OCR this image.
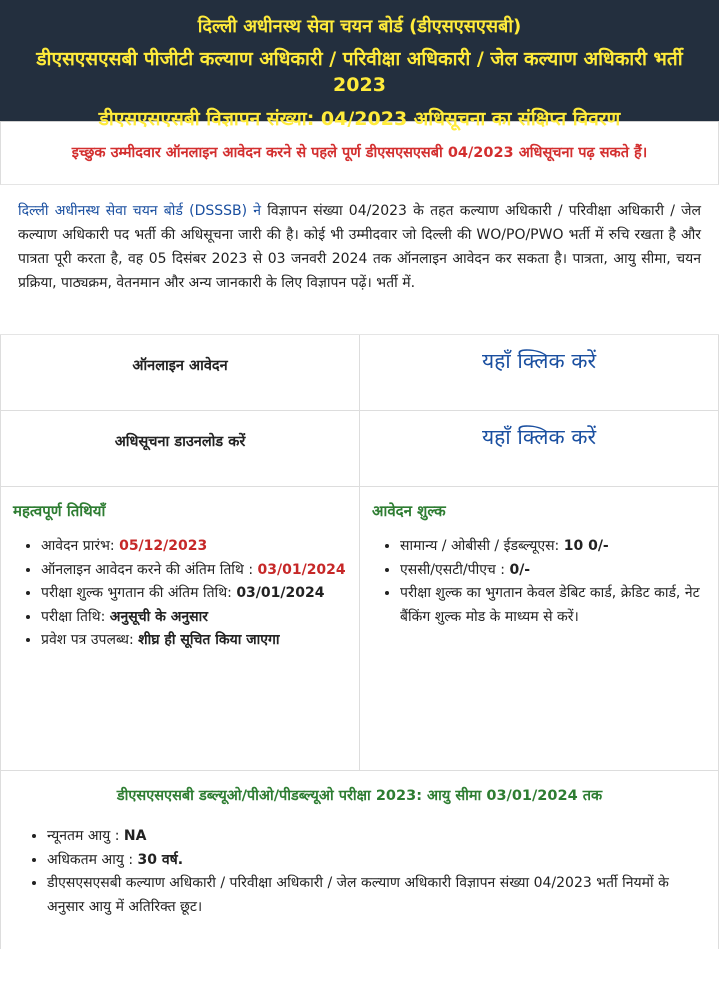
दिल्ली अधीनस्थ सेवा चयन बोर्ड (डीएसएसएसबी)
डीएसएसएसबी पीजीटी कल्याण अधिकारी / परिवीक्षा अधिकारी / जेल कल्याण अधिकारी भर्ती 2023
डीएसएसएसबी विज्ञापन संख्या: 04/2023 अधिसूचना का संक्षिप्त विवरण
इच्छुक उम्मीदवार ऑनलाइन आवेदन करने से पहले पूर्ण डीएसएसएसबी 04/2023 अधिसूचना पढ़ सकते हैं।
दिल्ली अधीनस्थ सेवा चयन बोर्ड (DSSSB) ने विज्ञापन संख्या 04/2023 के तहत कल्याण अधिकारी / परिवीक्षा अधिकारी / जेल कल्याण अधिकारी पद भर्ती की अधिसूचना जारी की है। कोई भी उम्मीदवार जो दिल्ली की WO/PO/PWO भर्ती में रुचि रखता है और पात्रता पूरी करता है, वह 05 दिसंबर 2023 से 03 जनवरी 2024 तक ऑनलाइन आवेदन कर सकता है। पात्रता, आयु सीमा, चयन प्रक्रिया, पाठ्यक्रम, वेतनमान और अन्य जानकारी के लिए विज्ञापन पढ़ें। भर्ती में.
ऑनलाइन आवेदन	यहाँ क्लिक करें
अधिसूचना डाउनलोड करें	यहाँ क्लिक करें
महत्वपूर्ण तिथियाँ
• आवेदन प्रारंभ: 05/12/2023
• ऑनलाइन आवेदन करने की अंतिम तिथि : 03/01/2024
• परीक्षा शुल्क भुगतान की अंतिम तिथि: 03/01/2024
• परीक्षा तिथि: अनुसूची के अनुसार
• प्रवेश पत्र उपलब्ध: शीघ्र ही सूचित किया जाएगा
आवेदन शुल्क
• सामान्य / ओबीसी / ईडब्ल्यूएस: 10 0/-
• एससी/एसटी/पीएच : 0/-
• परीक्षा शुल्क का भुगतान केवल डेबिट कार्ड, क्रेडिट कार्ड, नेट बैंकिंग शुल्क मोड के माध्यम से करें।
डीएसएसएसबी डब्ल्यूओ/पीओ/पीडब्ल्यूओ परीक्षा 2023: आयु सीमा 03/01/2024 तक
• न्यूनतम आयु : NA
• अधिकतम आयु : 30 वर्ष.
• डीएसएसएसबी कल्याण अधिकारी / परिवीक्षा अधिकारी / जेल कल्याण अधिकारी विज्ञापन संख्या 04/2023 भर्ती नियमों के अनुसार आयु में अतिरिक्त छूट।
